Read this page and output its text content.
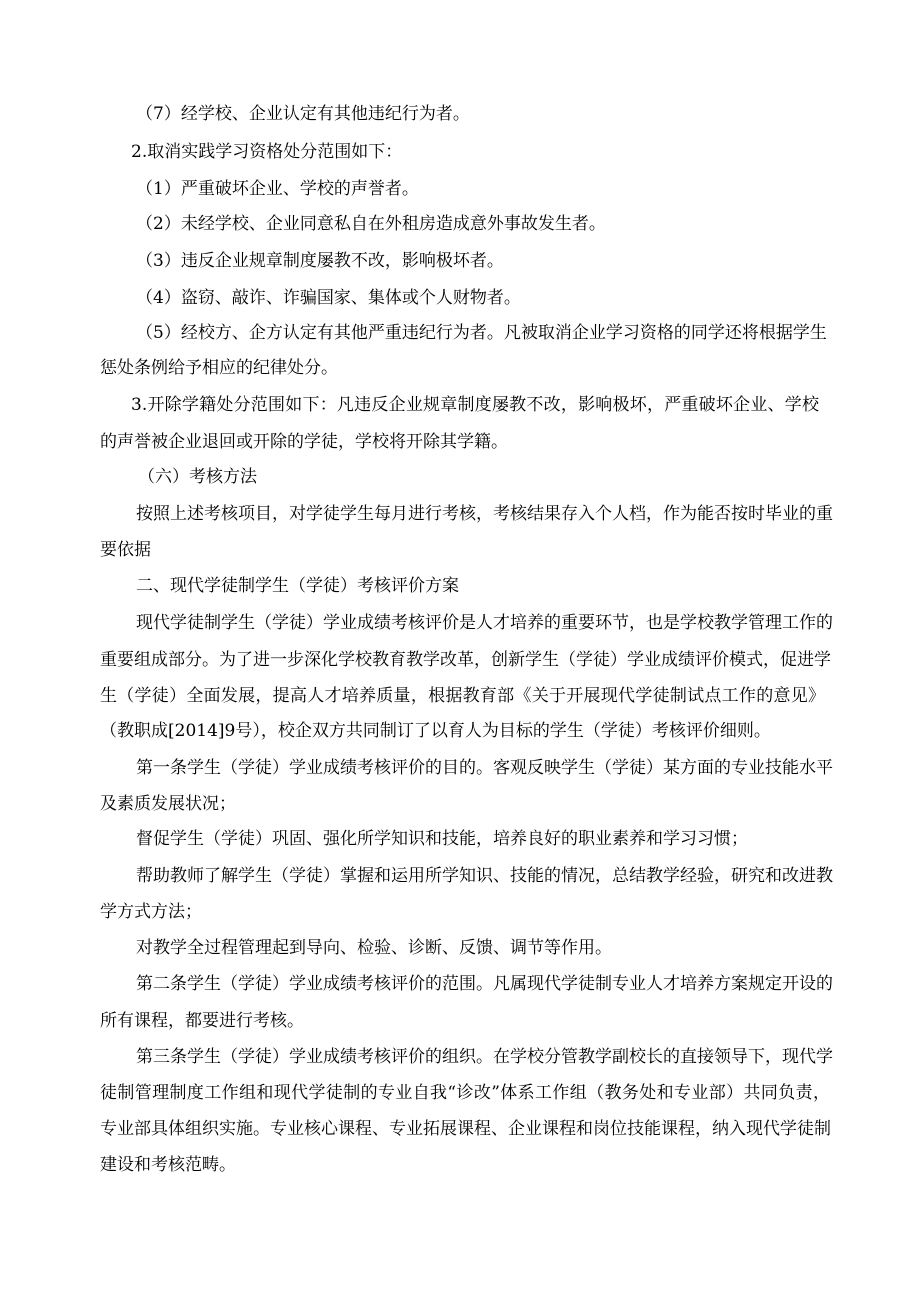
（7）经学校、企业认定有其他违纪行为者。
2.取消实践学习资格处分范围如下：
（1）严重破坏企业、学校的声誉者。
（2）未经学校、企业同意私自在外租房造成意外事故发生者。
（3）违反企业规章制度屡教不改，影响极坏者。
（4）盗窃、敲诈、诈骗国家、集体或个人财物者。
（5）经校方、企方认定有其他严重违纪行为者。凡被取消企业学习资格的同学还将根据学生
惩处条例给予相应的纪律处分。
3.开除学籍处分范围如下：凡违反企业规章制度屡教不改，影响极坏，严重破坏企业、学校
的声誉被企业退回或开除的学徒，学校将开除其学籍。
（六）考核方法
按照上述考核项目，对学徒学生每月进行考核，考核结果存入个人档，作为能否按时毕业的重
要依据
二、现代学徒制学生（学徒）考核评价方案
现代学徒制学生（学徒）学业成绩考核评价是人才培养的重要环节，也是学校教学管理工作的
重要组成部分。为了进一步深化学校教育教学改革，创新学生（学徒）学业成绩评价模式，促进学
生（学徒）全面发展，提高人才培养质量，根据教育部《关于开展现代学徒制试点工作的意见》
（教职成[2014]9号），校企双方共同制订了以育人为目标的学生（学徒）考核评价细则。
第一条学生（学徒）学业成绩考核评价的目的。客观反映学生（学徒）某方面的专业技能水平
及素质发展状况；
督促学生（学徒）巩固、强化所学知识和技能，培养良好的职业素养和学习习惯；
帮助教师了解学生（学徒）掌握和运用所学知识、技能的情况，总结教学经验，研究和改进教
学方式方法；
对教学全过程管理起到导向、检验、诊断、反馈、调节等作用。
第二条学生（学徒）学业成绩考核评价的范围。凡属现代学徒制专业人才培养方案规定开设的
所有课程，都要进行考核。
第三条学生（学徒）学业成绩考核评价的组织。在学校分管教学副校长的直接领导下，现代学
徒制管理制度工作组和现代学徒制的专业自我“诊改”体系工作组（教务处和专业部）共同负责，
专业部具体组织实施。专业核心课程、专业拓展课程、企业课程和岗位技能课程，纳入现代学徒制
建设和考核范畴。
